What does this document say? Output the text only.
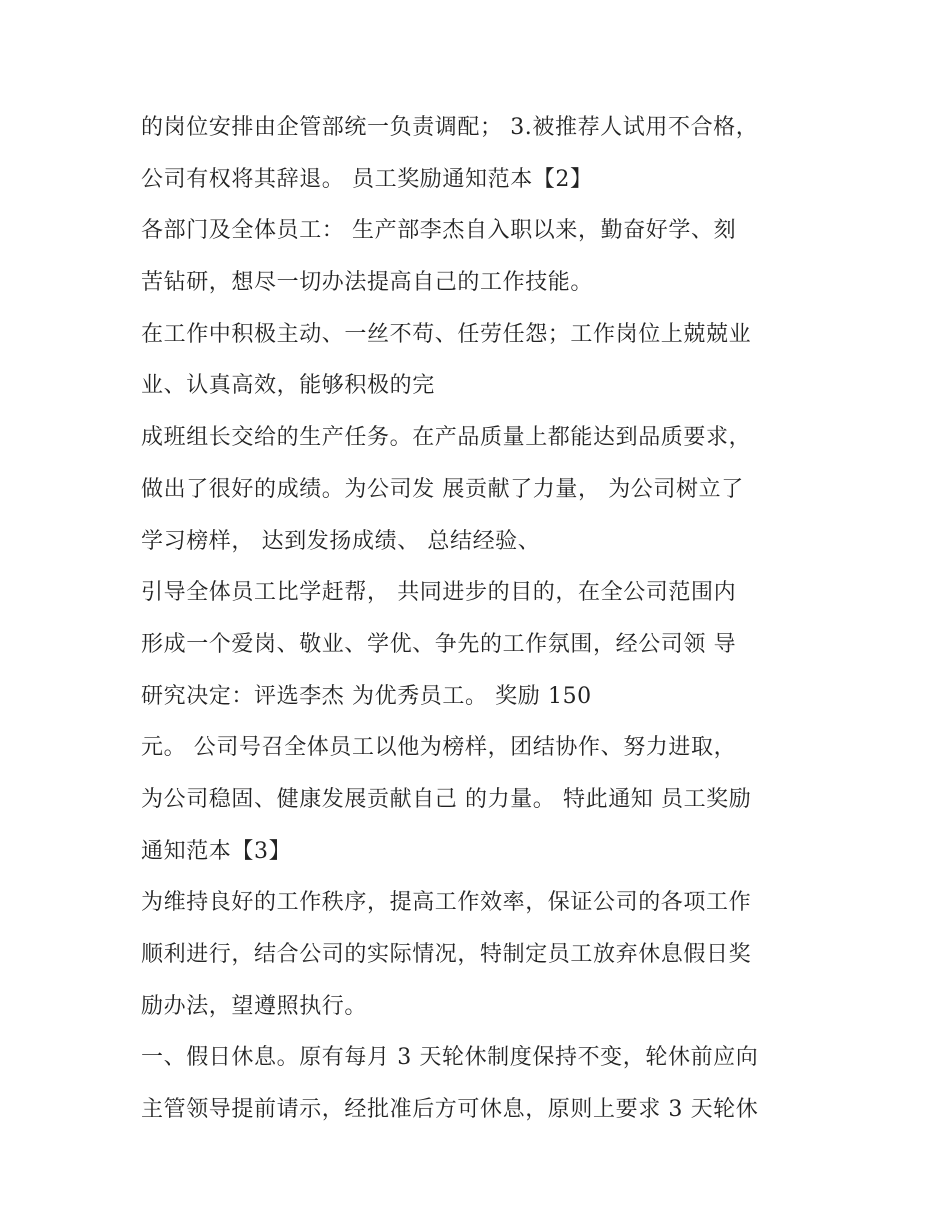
的岗位安排由企管部统一负责调配； 3.被推荐人试用不合格，
公司有权将其辞退。 员工奖励通知范本【2】
各部门及全体员工： 生产部李杰自入职以来，勤奋好学、刻
苦钻研，想尽一切办法提高自己的工作技能。
在工作中积极主动、一丝不苟、任劳任怨；工作岗位上兢兢业
业、认真高效，能够积极的完
成班组长交给的生产任务。在产品质量上都能达到品质要求，
做出了很好的成绩。为公司发 展贡献了力量， 为公司树立了
学习榜样， 达到发扬成绩、 总结经验、
引导全体员工比学赶帮， 共同进步的目的，在全公司范围内
形成一个爱岗、敬业、学优、争先的工作氛围，经公司领 导
研究决定：评选李杰 为优秀员工。 奖励 150
元。 公司号召全体员工以他为榜样，团结协作、努力进取，
为公司稳固、健康发展贡献自己 的力量。 特此通知 员工奖励
通知范本【3】
为维持良好的工作秩序，提高工作效率，保证公司的各项工作
顺利进行，结合公司的实际情况，特制定员工放弃休息假日奖
励办法，望遵照执行。
一、假日休息。原有每月 3 天轮休制度保持不变，轮休前应向
主管领导提前请示，经批准后方可休息，原则上要求 3 天轮休
